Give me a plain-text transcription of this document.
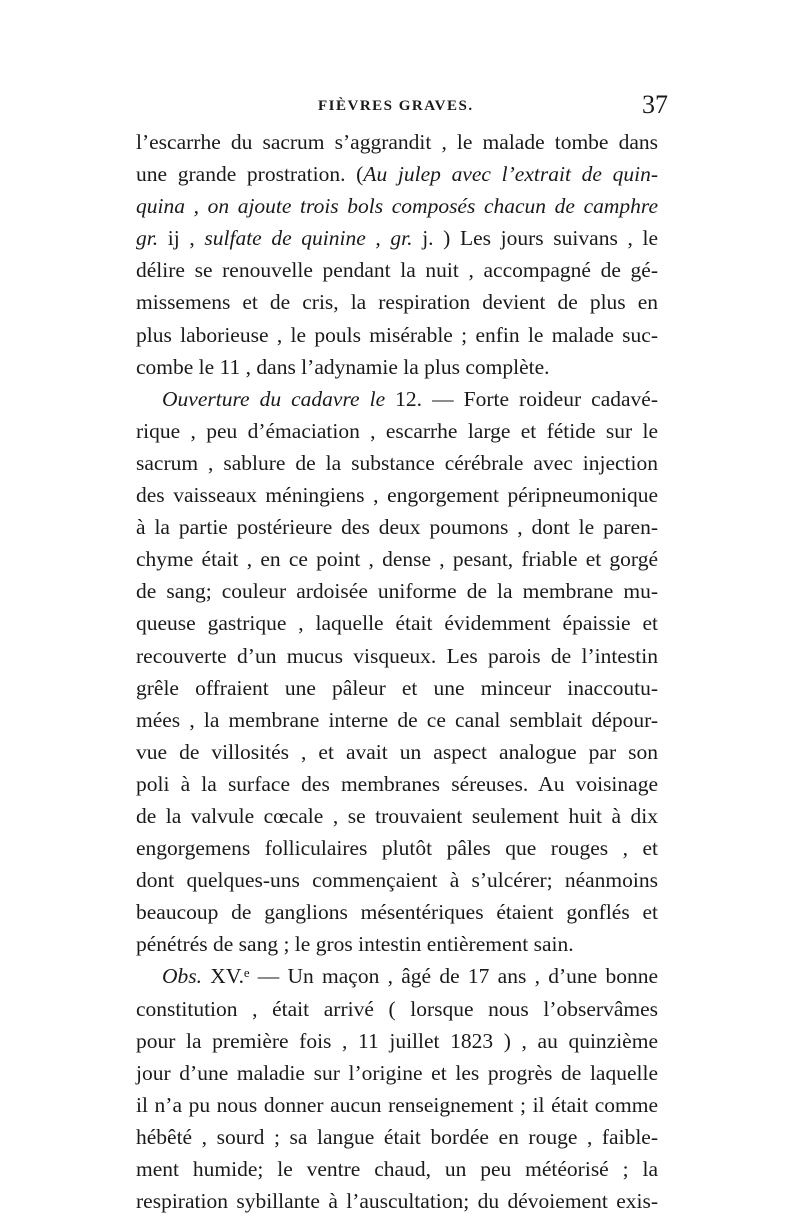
FIÈVRES GRAVES.	37
l’escarrhe du sacrum s’aggrandit , le malade tombe dans
une grande prostration. (Au julep avec l’extrait de quin-
quina , on ajoute trois bols composés chacun de camphre
gr. ij , sulfate de quinine , gr. j. ) Les jours suivans , le
délire se renouvelle pendant la nuit , accompagné de gé-
missemens et de cris, la respiration devient de plus en
plus laborieuse , le pouls misérable ; enfin le malade suc-
combe le 11 , dans l’adynamie la plus complète.
Ouverture du cadavre le 12. — Forte roideur cadavé-
rique , peu d’émaciation , escarrhe large et fétide sur le
sacrum , sablure de la substance cérébrale avec injection
des vaisseaux méningiens , engorgement péripneumonique
à la partie postérieure des deux poumons , dont le paren-
chyme était , en ce point , dense , pesant, friable et gorgé
de sang; couleur ardoisée uniforme de la membrane mu-
queuse gastrique , laquelle était évidemment épaissie et
recouverte d’un mucus visqueux. Les parois de l’intestin
grêle offraient une pâleur et une minceur inaccoutu-
mées , la membrane interne de ce canal semblait dépour-
vue de villosités , et avait un aspect analogue par son
poli à la surface des membranes séreuses. Au voisinage
de la valvule cœcale , se trouvaient seulement huit à dix
engorgemens folliculaires plutôt pâles que rouges , et
dont quelques-uns commençaient à s’ulcérer; néanmoins
beaucoup de ganglions mésentériques étaient gonflés et
pénétrés de sang ; le gros intestin entièrement sain.
Obs. XV.ᵉ — Un maçon , âgé de 17 ans , d’une bonne
constitution , était arrivé ( lorsque nous l’observâmes
pour la première fois , 11 juillet 1823 ) , au quinzième
jour d’une maladie sur l’origine et les progrès de laquelle
il n’a pu nous donner aucun renseignement ; il était comme
hébêté , sourd ; sa langue était bordée en rouge , faible-
ment humide; le ventre chaud, un peu météorisé ; la
respiration sybillante à l’auscultation; du dévoiement exis-
